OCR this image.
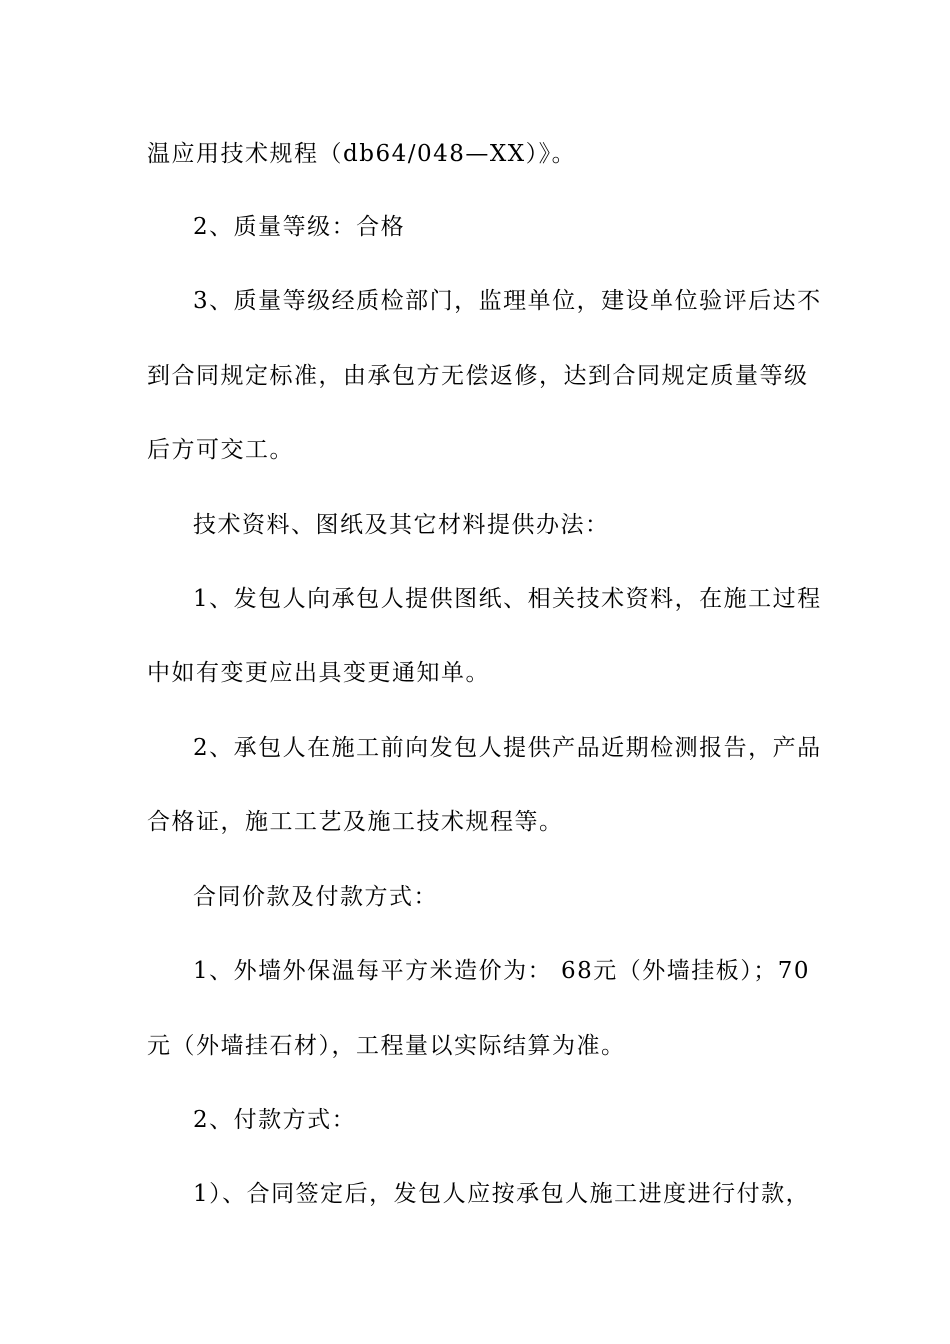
温应用技术规程（db64/048—XX）》。
2、质量等级：合格
3、质量等级经质检部门，监理单位，建设单位验评后达不
到合同规定标准，由承包方无偿返修，达到合同规定质量等级
后方可交工。
技术资料、图纸及其它材料提供办法：
1、发包人向承包人提供图纸、相关技术资料，在施工过程
中如有变更应出具变更通知单。
2、承包人在施工前向发包人提供产品近期检测报告，产品
合格证，施工工艺及施工技术规程等。
合同价款及付款方式：
1、外墙外保温每平方米造价为： 68元（外墙挂板）；70
元（外墙挂石材），工程量以实际结算为准。
2、付款方式：
1）、合同签定后，发包人应按承包人施工进度进行付款，
